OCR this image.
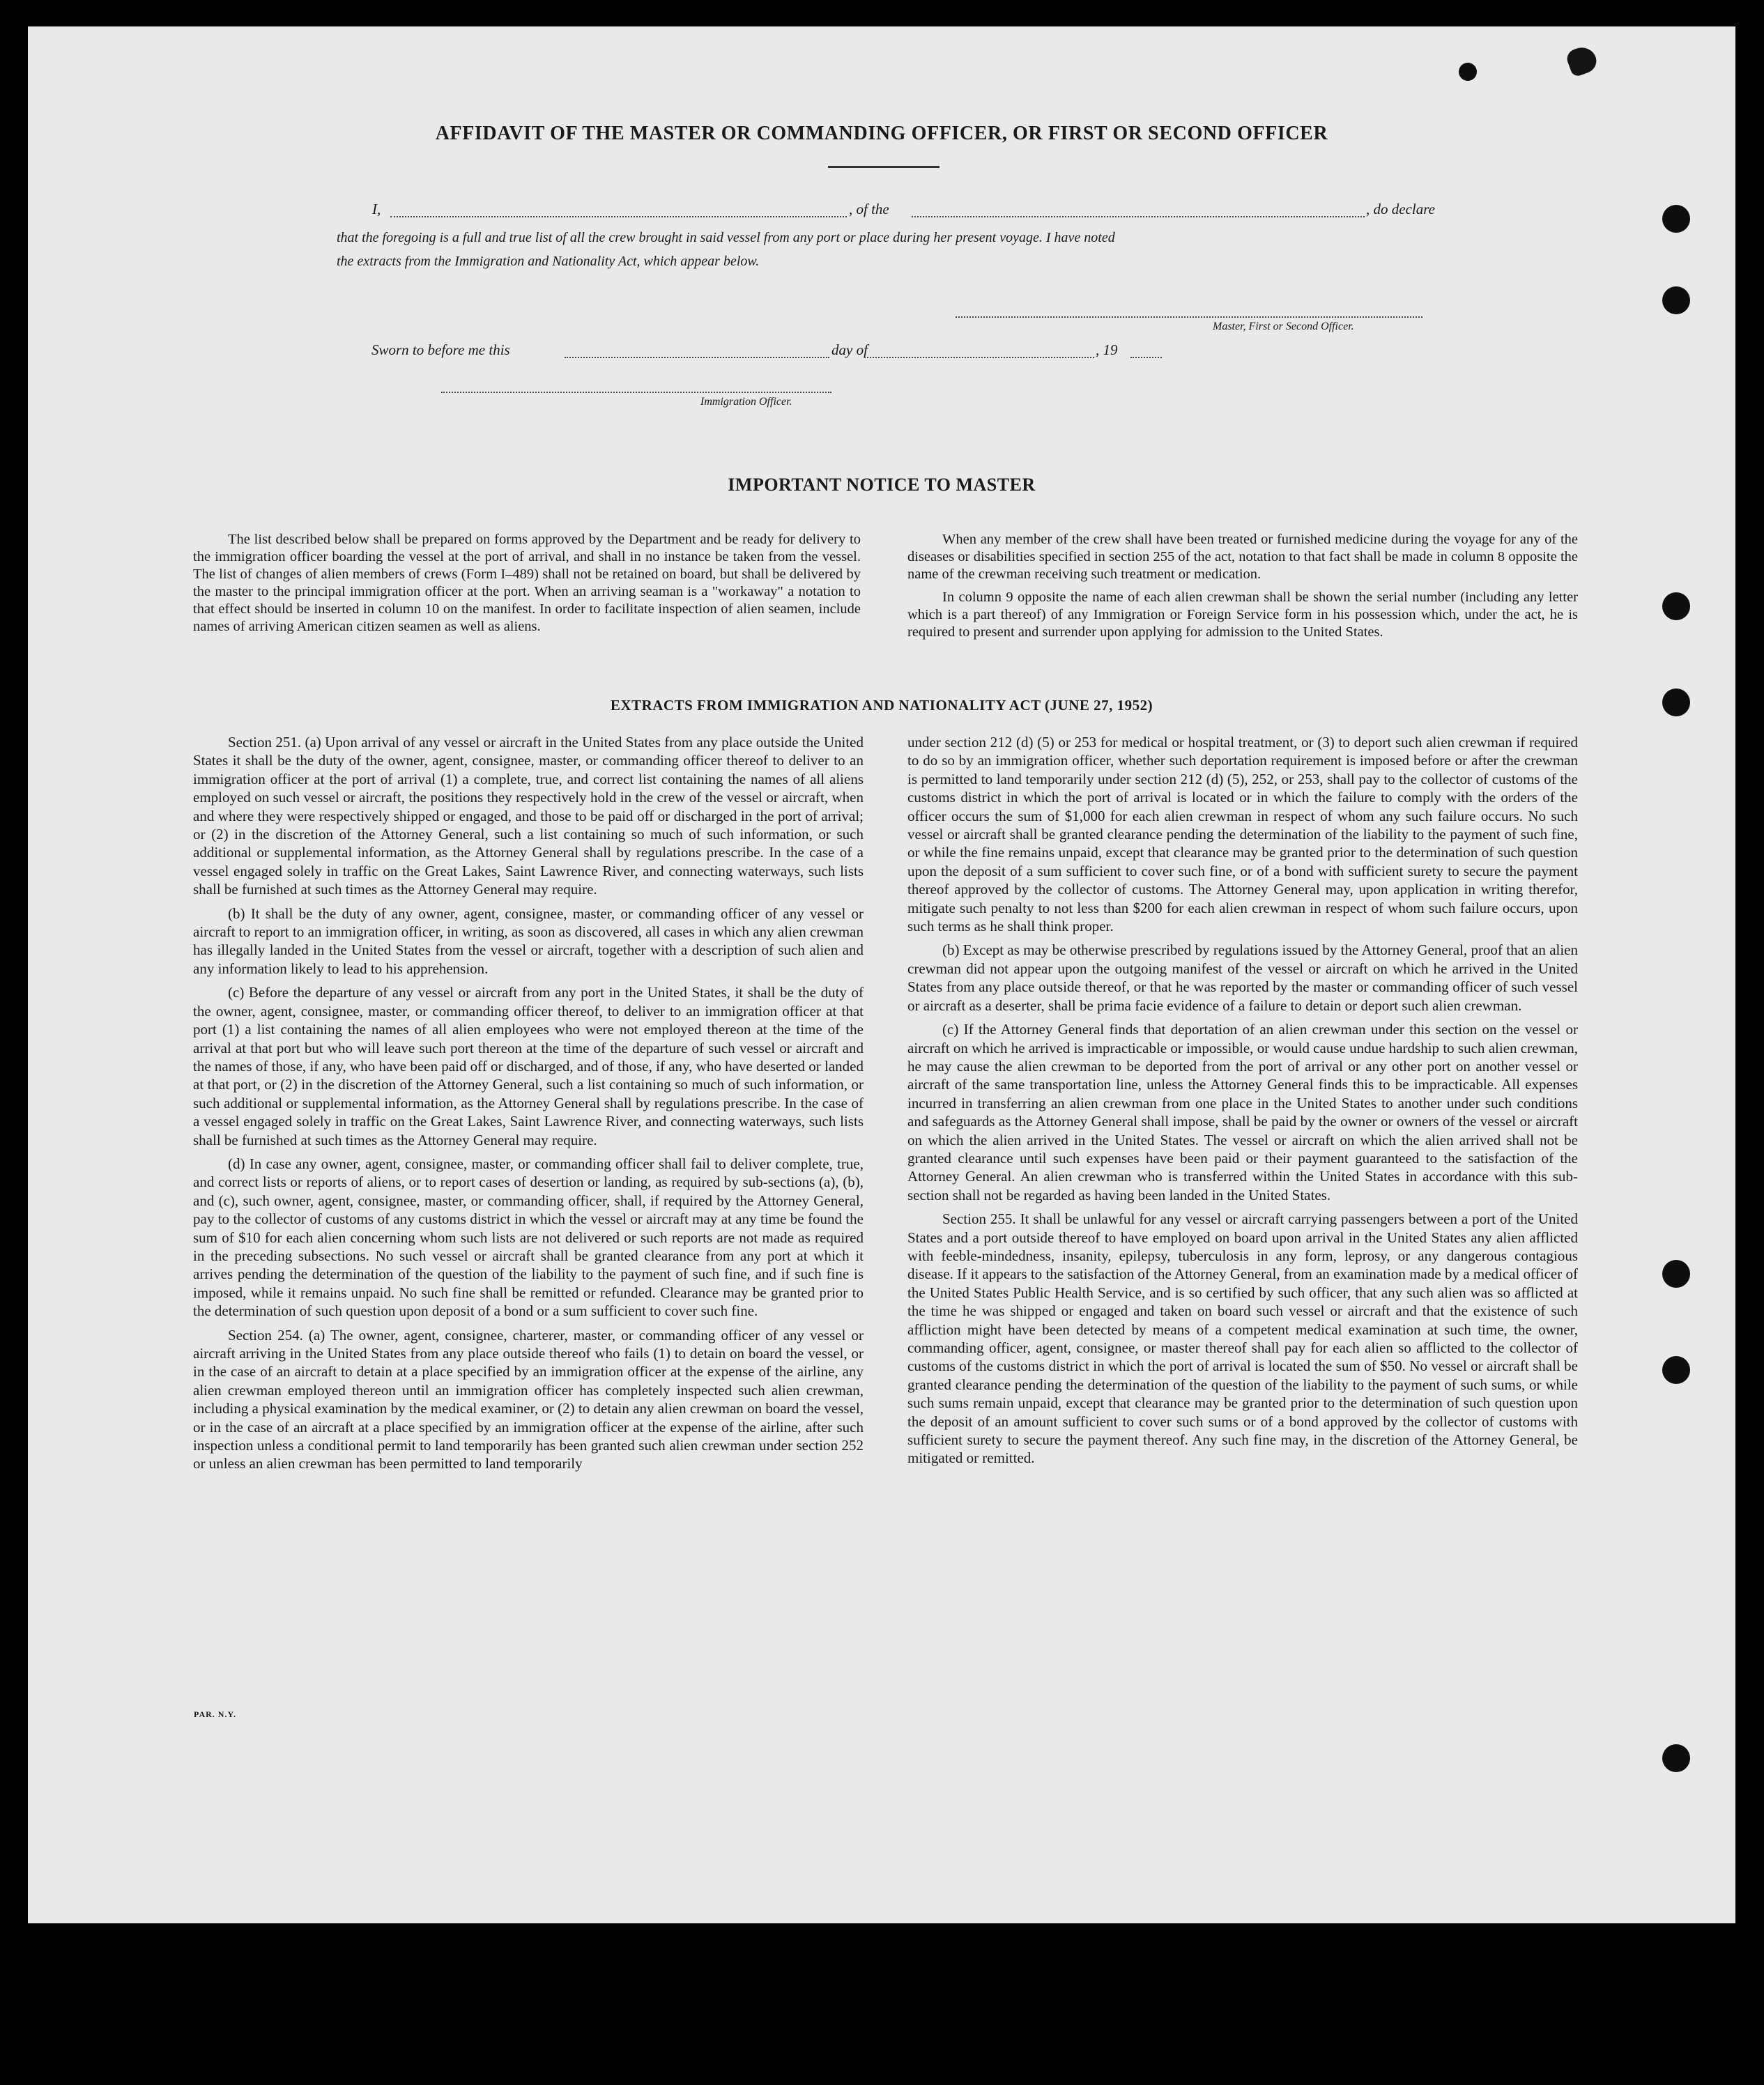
AFFIDAVIT OF THE MASTER OR COMMANDING OFFICER, OR FIRST OR SECOND OFFICER
I,	, of the	, do declare
that the foregoing is a full and true list of all the crew brought in said vessel from any port or place during her present voyage. I have noted
the extracts from the Immigration and Nationality Act, which appear below.
Master, First or Second Officer.
Sworn to before me this	day of	, 19
Immigration Officer.
IMPORTANT NOTICE TO MASTER

The list described below shall be prepared on forms approved by the Department and be ready for delivery to the immigration officer boarding the vessel at the port of arrival, and shall in no instance be taken from the vessel. The list of changes of alien members of crews (Form I–489) shall not be retained on board, but shall be delivered by the master to the principal immigration officer at the port. When an arriving seaman is a "workaway" a notation to that effect should be inserted in column 10 on the manifest. In order to facilitate inspection of alien seamen, include names of arriving American citizen seamen as well as aliens.

When any member of the crew shall have been treated or furnished medicine during the voyage for any of the diseases or disabilities specified in section 255 of the act, notation to that fact shall be made in column 8 opposite the name of the crewman receiving such treatment or medication.

In column 9 opposite the name of each alien crewman shall be shown the serial number (including any letter which is a part thereof) of any Immigration or Foreign Service form in his possession which, under the act, he is required to present and surrender upon applying for admission to the United States.

EXTRACTS FROM IMMIGRATION AND NATIONALITY ACT (JUNE 27, 1952)

Section 251. (a) Upon arrival of any vessel or aircraft in the United States from any place outside the United States it shall be the duty of the owner, agent, consignee, master, or commanding officer thereof to deliver to an immigration officer at the port of arrival (1) a complete, true, and correct list containing the names of all aliens employed on such vessel or aircraft, the positions they respectively hold in the crew of the vessel or aircraft, when and where they were respectively shipped or engaged, and those to be paid off or discharged in the port of arrival; or (2) in the discretion of the Attorney General, such a list containing so much of such information, or such additional or supplemental information, as the Attorney General shall by regulations prescribe. In the case of a vessel engaged solely in traffic on the Great Lakes, Saint Lawrence River, and connecting waterways, such lists shall be furnished at such times as the Attorney General may require.

(b) It shall be the duty of any owner, agent, consignee, master, or commanding officer of any vessel or aircraft to report to an immigration officer, in writing, as soon as discovered, all cases in which any alien crewman has illegally landed in the United States from the vessel or aircraft, together with a description of such alien and any information likely to lead to his apprehension.

(c) Before the departure of any vessel or aircraft from any port in the United States, it shall be the duty of the owner, agent, consignee, master, or commanding officer thereof, to deliver to an immigration officer at that port (1) a list containing the names of all alien employees who were not employed thereon at the time of the arrival at that port but who will leave such port thereon at the time of the departure of such vessel or aircraft and the names of those, if any, who have been paid off or discharged, and of those, if any, who have deserted or landed at that port, or (2) in the discretion of the Attorney General, such a list containing so much of such information, or such additional or supplemental information, as the Attorney General shall by regulations prescribe. In the case of a vessel engaged solely in traffic on the Great Lakes, Saint Lawrence River, and connecting waterways, such lists shall be furnished at such times as the Attorney General may require.

(d) In case any owner, agent, consignee, master, or commanding officer shall fail to deliver complete, true, and correct lists or reports of aliens, or to report cases of desertion or landing, as required by sub-sections (a), (b), and (c), such owner, agent, consignee, master, or commanding officer, shall, if required by the Attorney General, pay to the collector of customs of any customs district in which the vessel or aircraft may at any time be found the sum of $10 for each alien concerning whom such lists are not delivered or such reports are not made as required in the preceding subsections. No such vessel or aircraft shall be granted clearance from any port at which it arrives pending the determination of the question of the liability to the payment of such fine, and if such fine is imposed, while it remains unpaid. No such fine shall be remitted or refunded. Clearance may be granted prior to the determination of such question upon deposit of a bond or a sum sufficient to cover such fine.

Section 254. (a) The owner, agent, consignee, charterer, master, or commanding officer of any vessel or aircraft arriving in the United States from any place outside thereof who fails (1) to detain on board the vessel, or in the case of an aircraft to detain at a place specified by an immigration officer at the expense of the airline, any alien crewman employed thereon until an immigration officer has completely inspected such alien crewman, including a physical examination by the medical examiner, or (2) to detain any alien crewman on board the vessel, or in the case of an aircraft at a place specified by an immigration officer at the expense of the airline, after such inspection unless a conditional permit to land temporarily has been granted such alien crewman under section 252 or unless an alien crewman has been permitted to land temporarily

under section 212 (d) (5) or 253 for medical or hospital treatment, or (3) to deport such alien crewman if required to do so by an immigration officer, whether such deportation requirement is imposed before or after the crewman is permitted to land temporarily under section 212 (d) (5), 252, or 253, shall pay to the collector of customs of the customs district in which the port of arrival is located or in which the failure to comply with the orders of the officer occurs the sum of $1,000 for each alien crewman in respect of whom any such failure occurs. No such vessel or aircraft shall be granted clearance pending the determination of the liability to the payment of such fine, or while the fine remains unpaid, except that clearance may be granted prior to the determination of such question upon the deposit of a sum sufficient to cover such fine, or of a bond with sufficient surety to secure the payment thereof approved by the collector of customs. The Attorney General may, upon application in writing therefor, mitigate such penalty to not less than $200 for each alien crewman in respect of whom such failure occurs, upon such terms as he shall think proper.

(b) Except as may be otherwise prescribed by regulations issued by the Attorney General, proof that an alien crewman did not appear upon the outgoing manifest of the vessel or aircraft on which he arrived in the United States from any place outside thereof, or that he was reported by the master or commanding officer of such vessel or aircraft as a deserter, shall be prima facie evidence of a failure to detain or deport such alien crewman.

(c) If the Attorney General finds that deportation of an alien crewman under this section on the vessel or aircraft on which he arrived is impracticable or impossible, or would cause undue hardship to such alien crewman, he may cause the alien crewman to be deported from the port of arrival or any other port on another vessel or aircraft of the same transportation line, unless the Attorney General finds this to be impracticable. All expenses incurred in transferring an alien crewman from one place in the United States to another under such conditions and safeguards as the Attorney General shall impose, shall be paid by the owner or owners of the vessel or aircraft on which the alien arrived in the United States. The vessel or aircraft on which the alien arrived shall not be granted clearance until such expenses have been paid or their payment guaranteed to the satisfaction of the Attorney General. An alien crewman who is transferred within the United States in accordance with this sub-section shall not be regarded as having been landed in the United States.

Section 255. It shall be unlawful for any vessel or aircraft carrying passengers between a port of the United States and a port outside thereof to have employed on board upon arrival in the United States any alien afflicted with feeble-mindedness, insanity, epilepsy, tuberculosis in any form, leprosy, or any dangerous contagious disease. If it appears to the satisfaction of the Attorney General, from an examination made by a medical officer of the United States Public Health Service, and is so certified by such officer, that any such alien was so afflicted at the time he was shipped or engaged and taken on board such vessel or aircraft and that the existence of such affliction might have been detected by means of a competent medical examination at such time, the owner, commanding officer, agent, consignee, or master thereof shall pay for each alien so afflicted to the collector of customs of the customs district in which the port of arrival is located the sum of $50. No vessel or aircraft shall be granted clearance pending the determination of the question of the liability to the payment of such sums, or while such sums remain unpaid, except that clearance may be granted prior to the determination of such question upon the deposit of an amount sufficient to cover such sums or of a bond approved by the collector of customs with sufficient surety to secure the payment thereof. Any such fine may, in the discretion of the Attorney General, be mitigated or remitted.

PAR. N.Y.
